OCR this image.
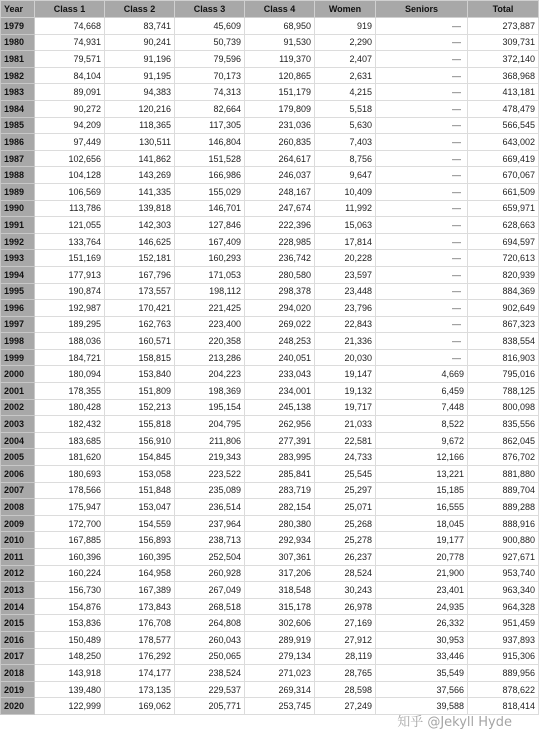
Year	Class 1	Class 2	Class 3	Class 4	Women	Seniors	Total
1979	74,668	83,741	45,609	68,950	919	—	273,887
1980	74,931	90,241	50,739	91,530	2,290	—	309,731
1981	79,571	91,196	79,596	119,370	2,407	—	372,140
1982	84,104	91,195	70,173	120,865	2,631	—	368,968
1983	89,091	94,383	74,313	151,179	4,215	—	413,181
1984	90,272	120,216	82,664	179,809	5,518	—	478,479
1985	94,209	118,365	117,305	231,036	5,630	—	566,545
1986	97,449	130,511	146,804	260,835	7,403	—	643,002
1987	102,656	141,862	151,528	264,617	8,756	—	669,419
1988	104,128	143,269	166,986	246,037	9,647	—	670,067
1989	106,569	141,335	155,029	248,167	10,409	—	661,509
1990	113,786	139,818	146,701	247,674	11,992	—	659,971
1991	121,055	142,303	127,846	222,396	15,063	—	628,663
1992	133,764	146,625	167,409	228,985	17,814	—	694,597
1993	151,169	152,181	160,293	236,742	20,228	—	720,613
1994	177,913	167,796	171,053	280,580	23,597	—	820,939
1995	190,874	173,557	198,112	298,378	23,448	—	884,369
1996	192,987	170,421	221,425	294,020	23,796	—	902,649
1997	189,295	162,763	223,400	269,022	22,843	—	867,323
1998	188,036	160,571	220,358	248,253	21,336	—	838,554
1999	184,721	158,815	213,286	240,051	20,030	—	816,903
2000	180,094	153,840	204,223	233,043	19,147	4,669	795,016
2001	178,355	151,809	198,369	234,001	19,132	6,459	788,125
2002	180,428	152,213	195,154	245,138	19,717	7,448	800,098
2003	182,432	155,818	204,795	262,956	21,033	8,522	835,556
2004	183,685	156,910	211,806	277,391	22,581	9,672	862,045
2005	181,620	154,845	219,343	283,995	24,733	12,166	876,702
2006	180,693	153,058	223,522	285,841	25,545	13,221	881,880
2007	178,566	151,848	235,089	283,719	25,297	15,185	889,704
2008	175,947	153,047	236,514	282,154	25,071	16,555	889,288
2009	172,700	154,559	237,964	280,380	25,268	18,045	888,916
2010	167,885	156,893	238,713	292,934	25,278	19,177	900,880
2011	160,396	160,395	252,504	307,361	26,237	20,778	927,671
2012	160,224	164,958	260,928	317,206	28,524	21,900	953,740
2013	156,730	167,389	267,049	318,548	30,243	23,401	963,340
2014	154,876	173,843	268,518	315,178	26,978	24,935	964,328
2015	153,836	176,708	264,808	302,606	27,169	26,332	951,459
2016	150,489	178,577	260,043	289,919	27,912	30,953	937,893
2017	148,250	176,292	250,065	279,134	28,119	33,446	915,306
2018	143,918	174,177	238,524	271,023	28,765	35,549	889,956
2019	139,480	173,135	229,537	269,314	28,598	37,566	878,622
2020	122,999	169,062	205,771	253,745	27,249	39,588	818,414
知乎 @Jekyll Hyde
